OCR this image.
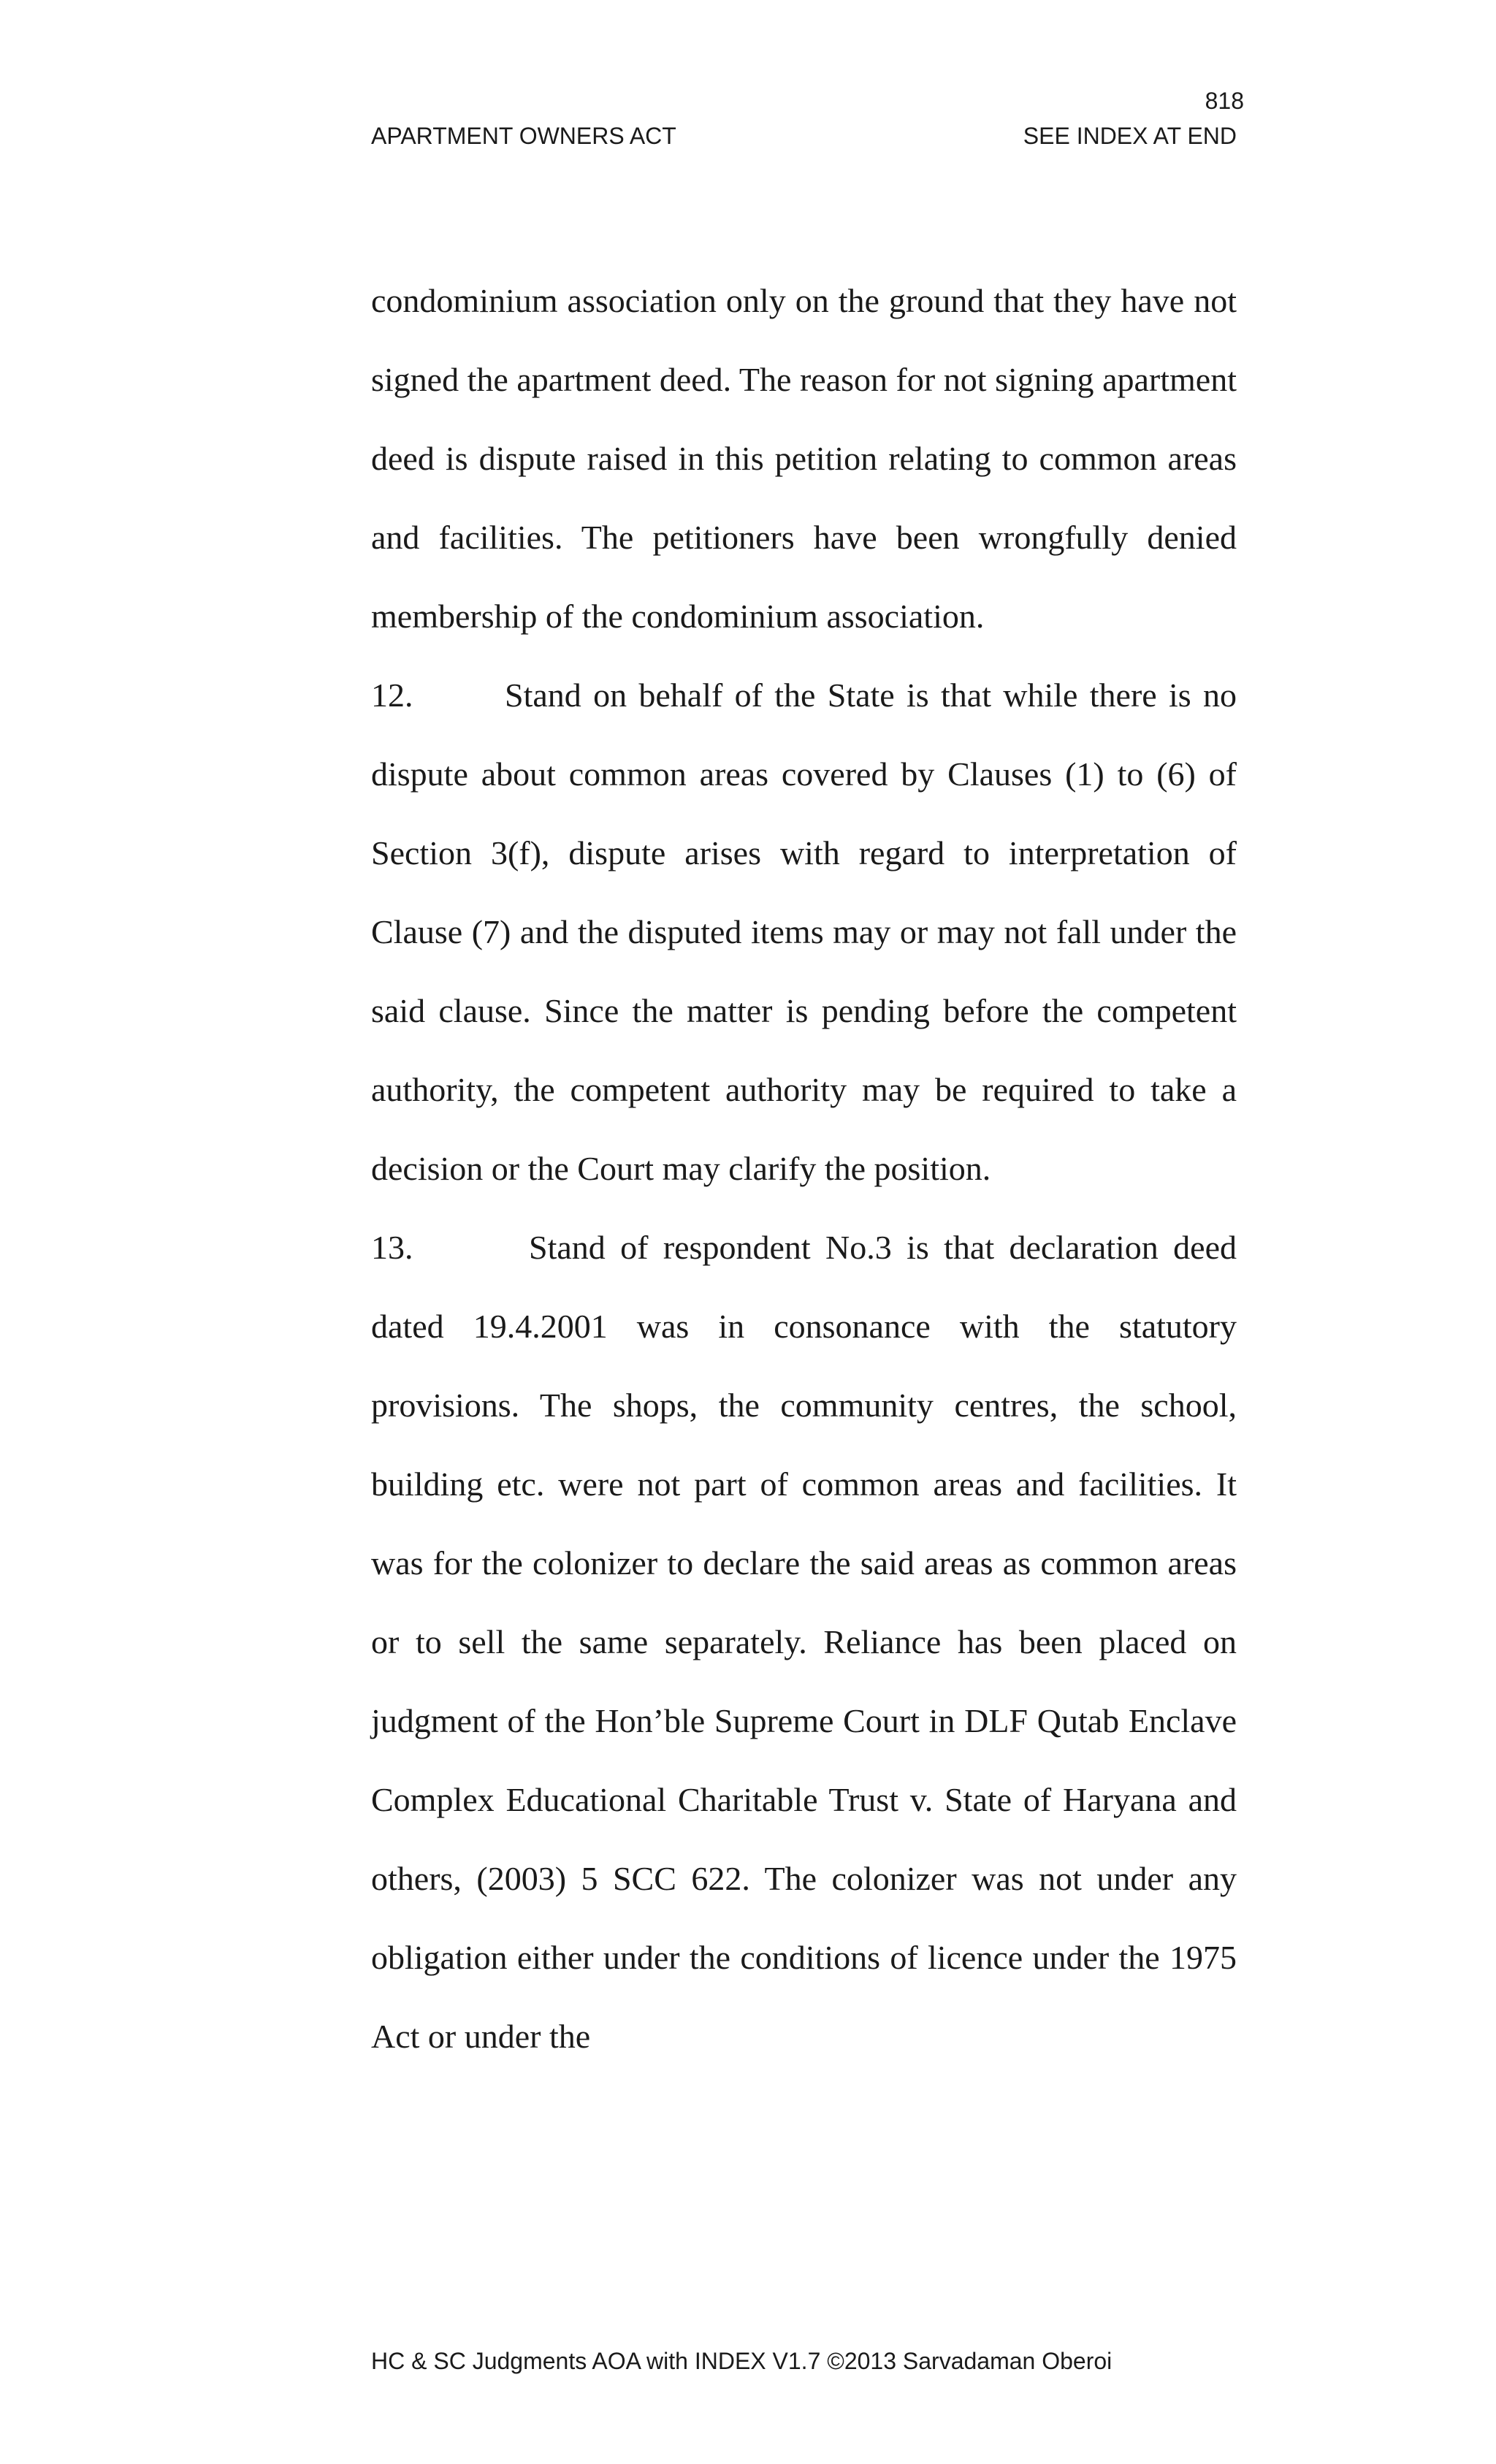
818
APARTMENT OWNERS ACT	SEE INDEX AT END

condominium association only on the ground that they have not signed the apartment deed. The reason for not signing apartment deed is dispute raised in this petition relating to common areas and facilities. The petitioners have been wrongfully denied membership of the condominium association.

12.	Stand on behalf of the State is that while there is no dispute about common areas covered by Clauses (1) to (6) of Section 3(f), dispute arises with regard to interpretation of Clause (7) and the disputed items may or may not fall under the said clause. Since the matter is pending before the competent authority, the competent authority may be required to take a decision or the Court may clarify the position.

13.	Stand of respondent No.3 is that declaration deed dated 19.4.2001 was in consonance with the statutory provisions. The shops, the community centres, the school, building etc. were not part of common areas and facilities. It was for the colonizer to declare the said areas as common areas or to sell the same separately. Reliance has been placed on judgment of the Hon’ble Supreme Court in DLF Qutab Enclave Complex Educational Charitable Trust v. State of Haryana and others, (2003) 5 SCC 622. The colonizer was not under any obligation either under the conditions of licence under the 1975 Act or under the

HC & SC Judgments AOA with INDEX V1.7 ©2013 Sarvadaman Oberoi
